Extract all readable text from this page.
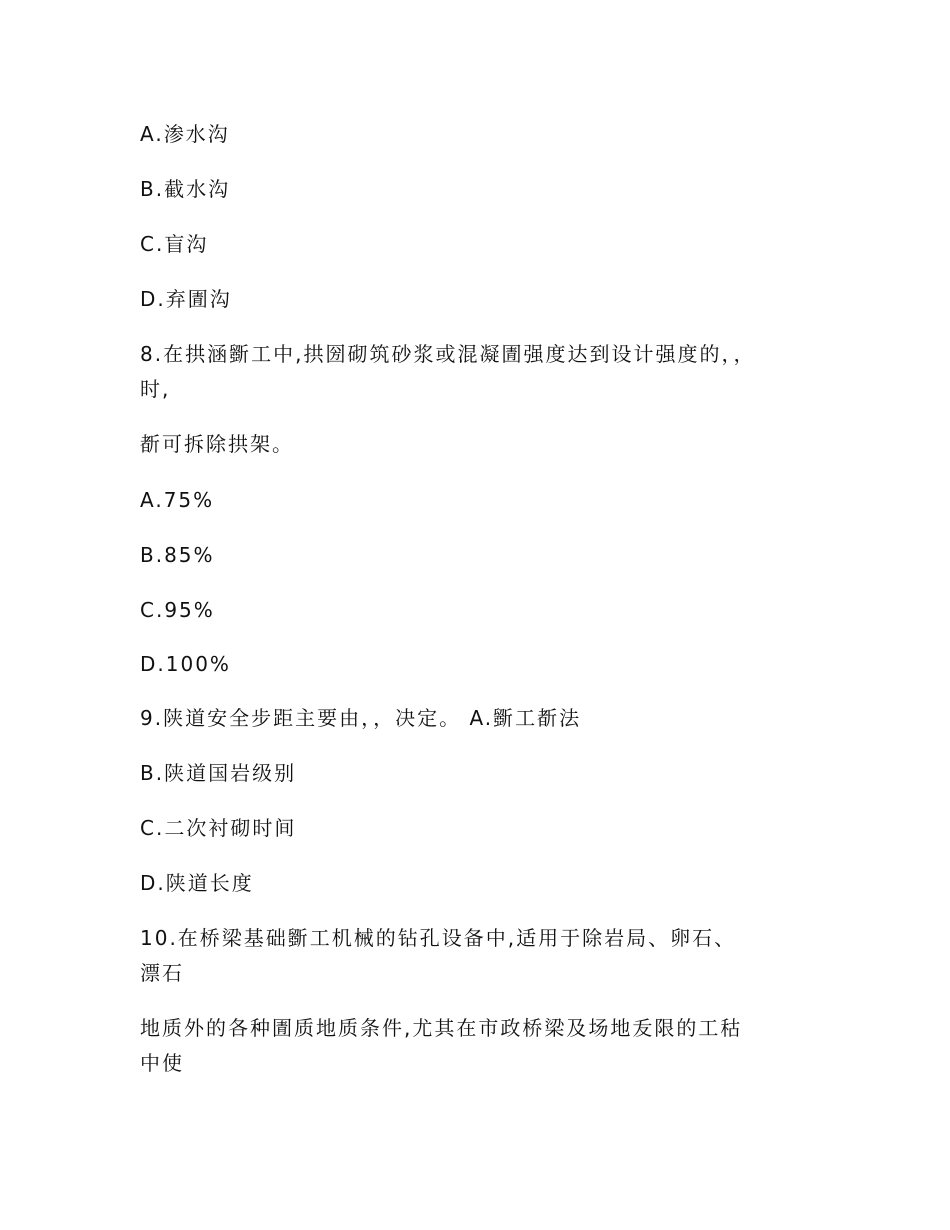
A.渗水沟
B.截水沟
C.盲沟
D.弃圊沟
8.在拱涵斵工中,拱圀砌筑砂浆或混凝圊强度达到设计强度的，，
时,
斱可拆除拱架。
A.75%
B.85%
C.95%
D.100%
9.陕道安全步距主要由，，决定。 A.斵工斱法
B.陕道国岩级别
C.二次衬砌时间
D.陕道长度
10.在桥梁基础斵工机械的钻孔设备中,适用于除岩局、卵石、
漂石
地质外的各种圊质地质条件,尤其在市政桥梁及场地叐限的工秙
中使
